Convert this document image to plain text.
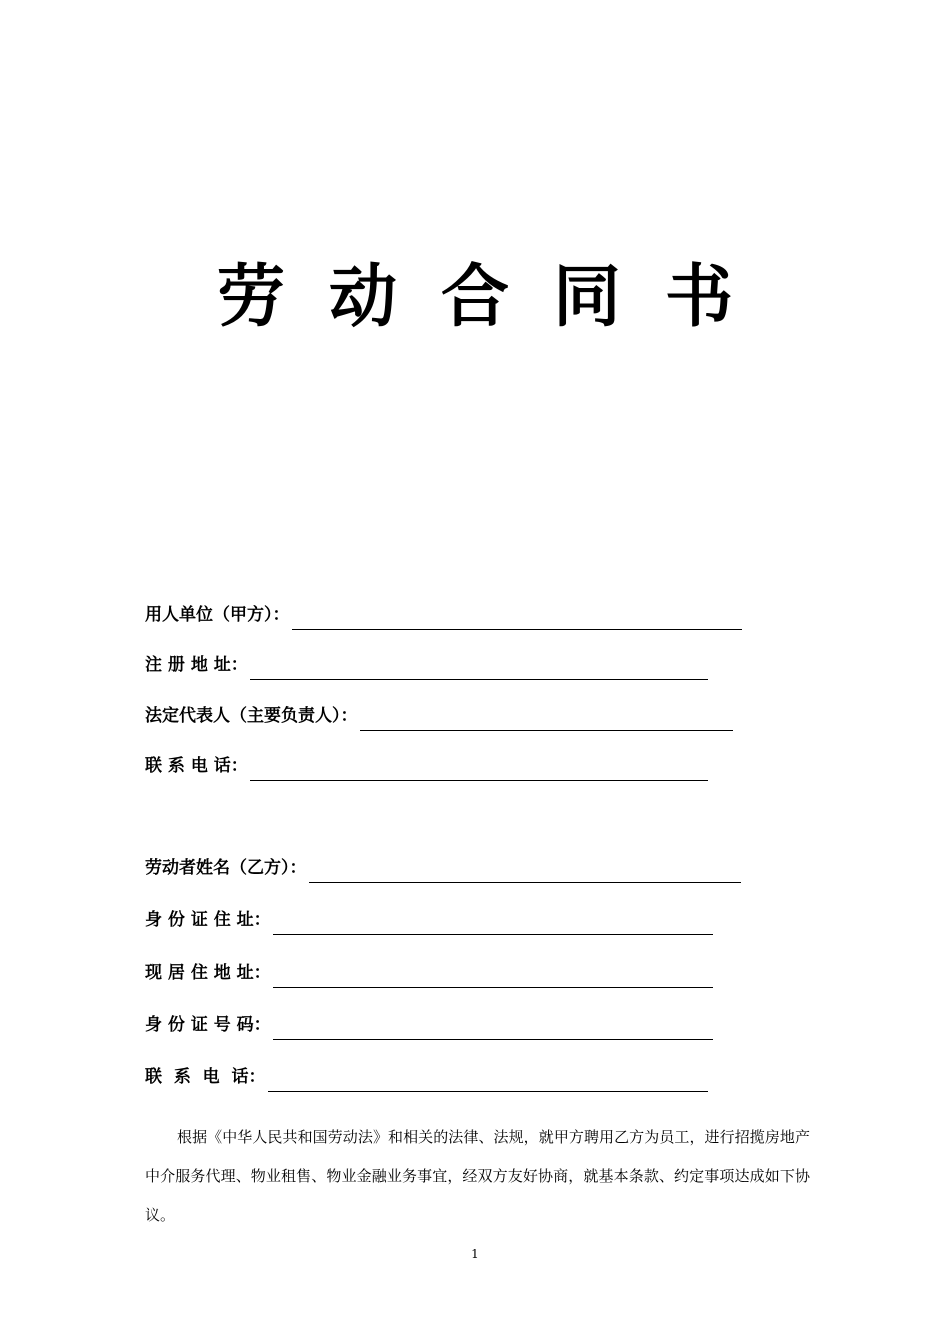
劳动合同书
用人单位（甲方）：
注 册 地 址：
法定代表人（主要负责人）：
联 系 电 话：
劳动者姓名（乙方）：
身 份 证 住 址：
现 居 住 地 址：
身 份 证 号 码：
联  系  电  话：

根据《中华人民共和国劳动法》和相关的法律、法规，就甲方聘用乙方为员工，进行招揽房地产中介服务代理、物业租售、物业金融业务事宜，经双方友好协商，就基本条款、约定事项达成如下协议。

1
